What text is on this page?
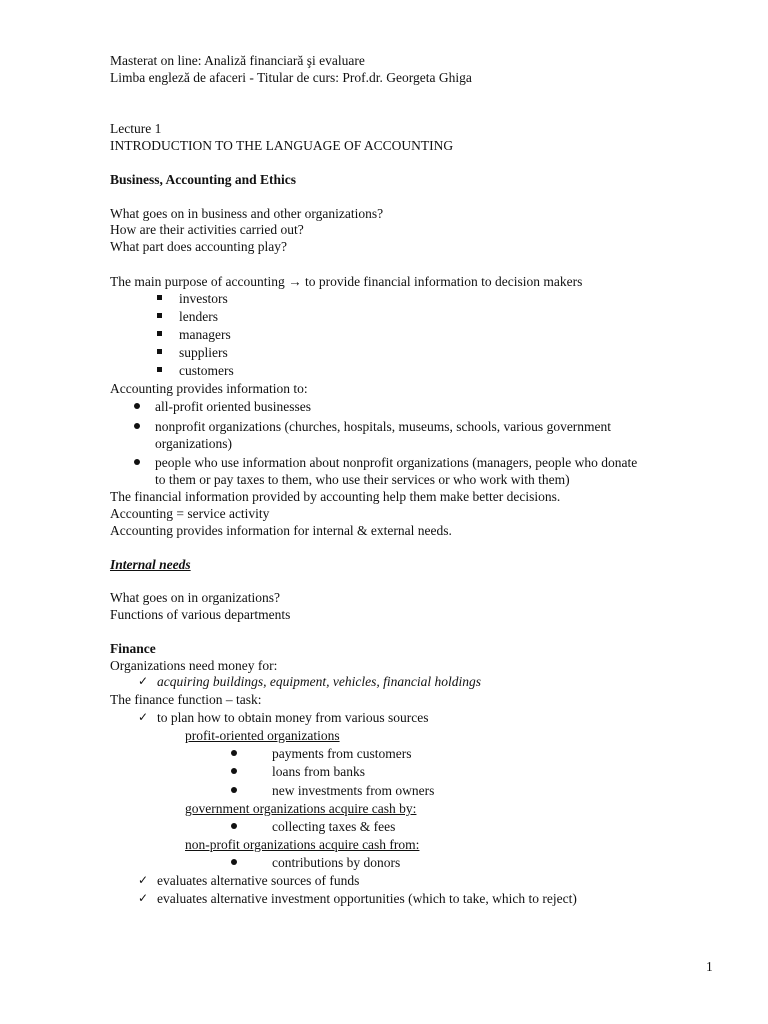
Masterat on line: Analiză financiară şi evaluare
Limba engleză de afaceri - Titular de curs: Prof.dr. Georgeta Ghiga
Lecture 1
INTRODUCTION TO THE LANGUAGE OF ACCOUNTING
Business, Accounting and Ethics
What goes on in business and other organizations?
How are their activities carried out?
What part does accounting play?
The main purpose of accounting → to provide financial information to decision makers
investors
lenders
managers
suppliers
customers
Accounting provides information to:
all-profit oriented businesses
nonprofit organizations (churches, hospitals, museums, schools, various government
organizations)
people who use information about nonprofit organizations (managers, people who donate
to them or pay taxes to them, who use their services or who work with them)
The financial information provided by accounting help them make better decisions.
Accounting = service activity
Accounting provides information for internal & external needs.
Internal needs
What goes on in organizations?
Functions of various departments
Finance
Organizations need money for:
✓ acquiring buildings, equipment, vehicles, financial holdings
The finance function – task:
✓ to plan how to obtain money from various sources
profit-oriented organizations
payments from customers
loans from banks
new investments from owners
government organizations acquire cash by:
collecting taxes & fees
non-profit organizations acquire cash from:
contributions by donors
✓ evaluates alternative sources of funds
✓ evaluates alternative investment opportunities (which to take, which to reject)
1
